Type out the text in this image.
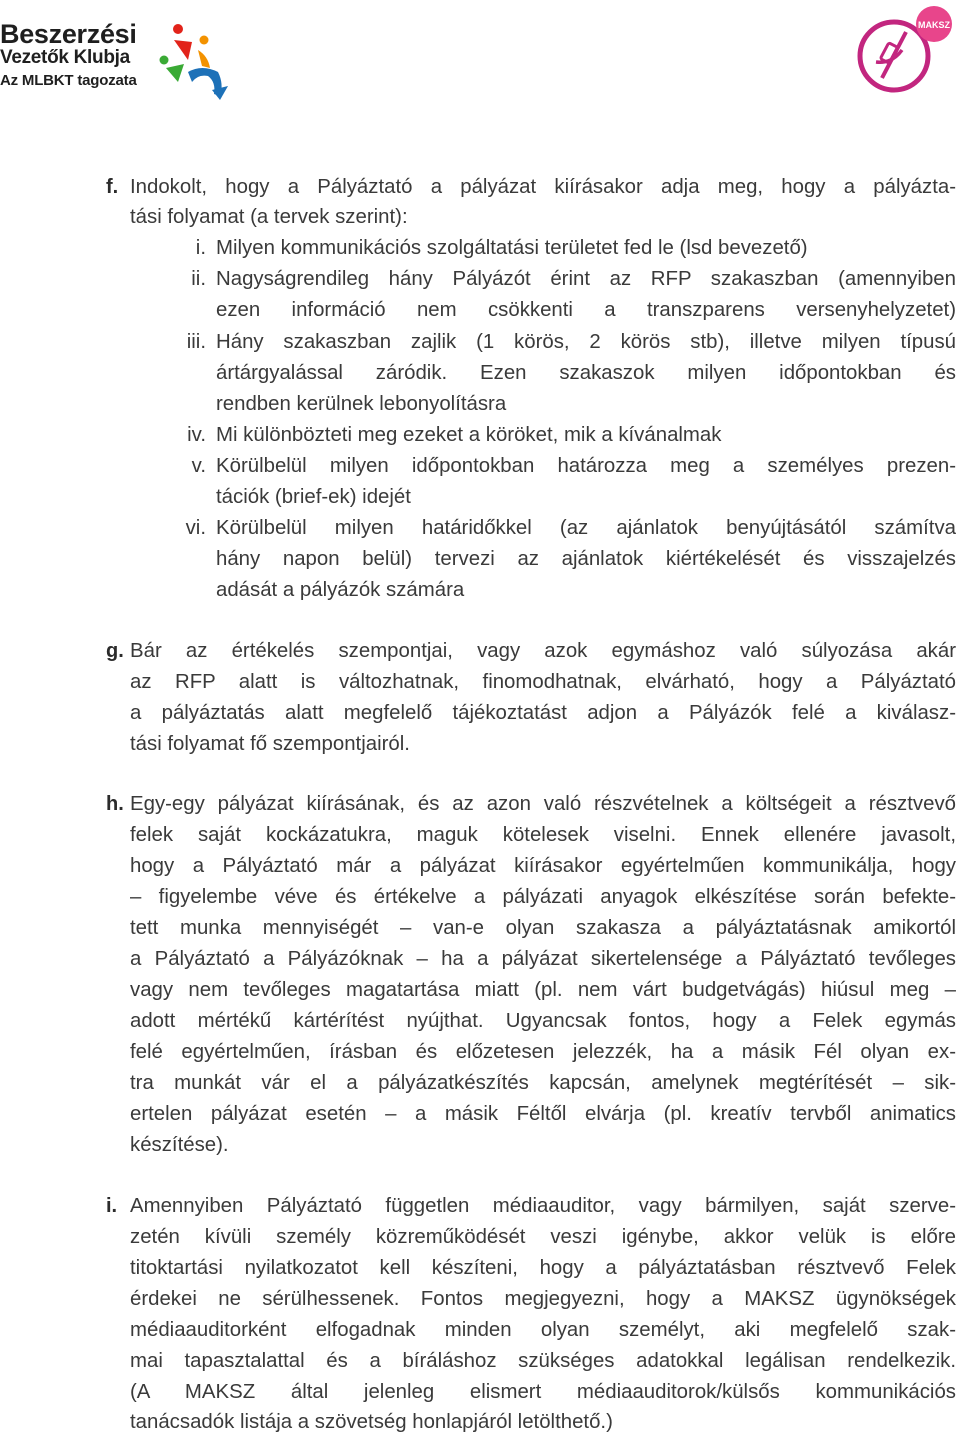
Beszerzési
Vezetők Klubja
Az MLBKT tagozata
MAKSZ
f. Indokolt, hogy a Pályáztató a pályázat kiírásakor adja meg, hogy a pályázta-
tási folyamat (a tervek szerint):
i. Milyen kommunikációs szolgáltatási területet fed le (lsd bevezető)
ii. Nagyságrendileg hány Pályázót érint az RFP szakaszban (amennyiben
ezen információ nem csökkenti a transzparens versenyhelyzetet)
iii. Hány szakaszban zajlik (1 körös, 2 körös stb), illetve milyen típusú
ártárgyalással záródik. Ezen szakaszok milyen időpontokban és
rendben kerülnek lebonyolításra
iv. Mi különbözteti meg ezeket a köröket, mik a kívánalmak
v. Körülbelül milyen időpontokban határozza meg a személyes prezen-
tációk (brief-ek) idejét
vi. Körülbelül milyen határidőkkel (az ajánlatok benyújtásától számítva
hány napon belül) tervezi az ajánlatok kiértékelését és visszajelzés
adását a pályázók számára
g. Bár az értékelés szempontjai, vagy azok egymáshoz való súlyozása akár
az RFP alatt is változhatnak, finomodhatnak, elvárható, hogy a Pályáztató
a pályáztatás alatt megfelelő tájékoztatást adjon a Pályázók felé a kiválasz-
tási folyamat fő szempontjairól.
h. Egy-egy pályázat kiírásának, és az azon való részvételnek a költségeit a résztvevő
felek saját kockázatukra, maguk kötelesek viselni. Ennek ellenére javasolt,
hogy a Pályáztató már a pályázat kiírásakor egyértelműen kommunikálja, hogy
– figyelembe véve és értékelve a pályázati anyagok elkészítése során befekte-
tett munka mennyiségét – van-e olyan szakasza a pályáztatásnak amikortól
a Pályáztató a Pályázóknak – ha a pályázat sikertelensége a Pályáztató tevőleges
vagy nem tevőleges magatartása miatt (pl. nem várt budgetvágás) hiúsul meg –
adott mértékű kártérítést nyújthat. Ugyancsak fontos, hogy a Felek egymás
felé egyértelműen, írásban és előzetesen jelezzék, ha a másik Fél olyan ex-
tra munkát vár el a pályázatkészítés kapcsán, amelynek megtérítését – sik-
ertelen pályázat esetén – a másik Féltől elvárja (pl. kreatív tervből animatics
készítése).
i. Amennyiben Pályáztató független médiaauditor, vagy bármilyen, saját szerve-
zetén kívüli személy közreműködését veszi igénybe, akkor velük is előre
titoktartási nyilatkozatot kell készíteni, hogy a pályáztatásban résztvevő Felek
érdekei ne sérülhessenek. Fontos megjegyezni, hogy a MAKSZ ügynökségek
médiaauditorként elfogadnak minden olyan személyt, aki megfelelő szak-
mai tapasztalattal és a bíráláshoz szükséges adatokkal legálisan rendelkezik.
(A MAKSZ által jelenleg elismert médiaauditorok/külsős kommunikációs
tanácsadók listája a szövetség honlapjáról letölthető.)
